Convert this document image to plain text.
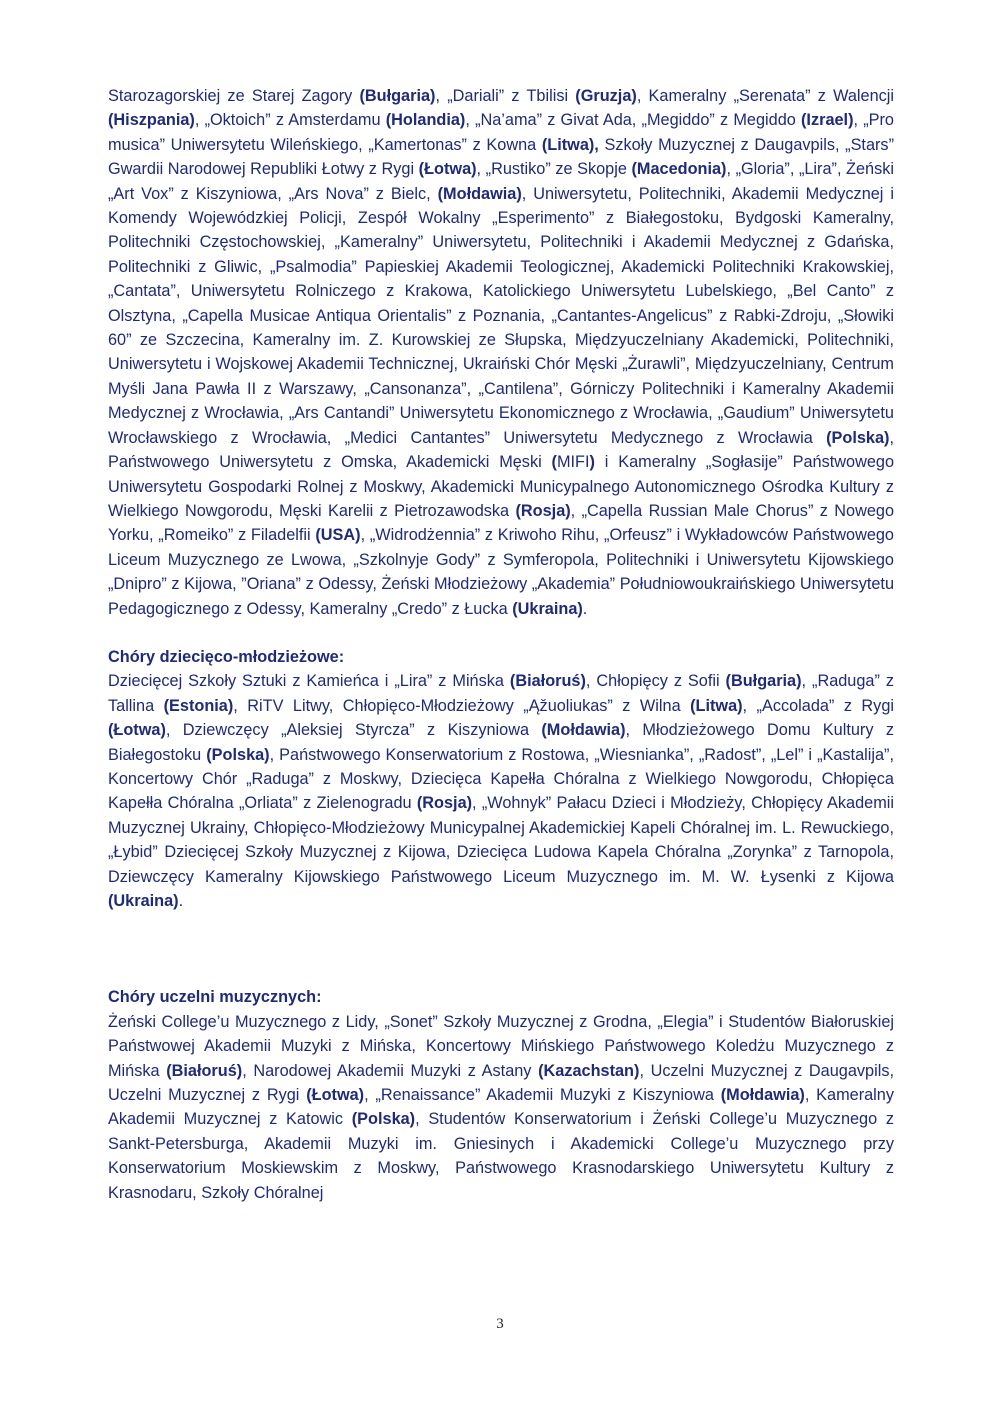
Starozagorskiej ze Starej Zagory (Bułgaria), „Dariali” z Tbilisi (Gruzja), Kameralny „Serenata” z Walencji (Hiszpania), „Oktoich” z Amsterdamu (Holandia), „Na’ama” z Givat Ada, „Megiddo” z Megiddo (Izrael), „Pro musica” Uniwersytetu Wileńskiego, „Kamertonas” z Kowna (Litwa), Szkoły Muzycznej z Daugavpils, „Stars” Gwardii Narodowej Republiki Łotwy z Rygi (Łotwa), „Rustiko” ze Skopje (Macedonia), „Gloria”, „Lira”, Żeński „Art Vox” z Kiszyniowa, „Ars Nova” z Bielc, (Mołdawia), Uniwersytetu, Politechniki, Akademii Medycznej i Komendy Wojewódzkiej Policji, Zespół Wokalny „Esperimento” z Białegostoku, Bydgoski Kameralny, Politechniki Częstochowskiej, „Kameralny” Uniwersytetu, Politechniki i Akademii Medycznej z Gdańska, Politechniki z Gliwic, „Psalmodia” Papieskiej Akademii Teologicznej, Akademicki Politechniki Krakowskiej, „Cantata”, Uniwersytetu Rolniczego z Krakowa, Katolickiego Uniwersytetu Lubelskiego, „Bel Canto” z Olsztyna, „Capella Musicae Antiqua Orientalis” z Poznania, „Cantantes-Angelicus” z Rabki-Zdroju, „Słowiki 60” ze Szczecina, Kameralny im. Z. Kurowskiej ze Słupska, Międzyuczelniany Akademicki, Politechniki, Uniwersytetu i Wojskowej Akademii Technicznej, Ukraiński Chór Męski „Żurawli”, Międzyuczelniany, Centrum Myśli Jana Pawła II z Warszawy, „Cansonanza”, „Cantilena”, Górniczy Politechniki i Kameralny Akademii Medycznej z Wrocławia, „Ars Cantandi” Uniwersytetu Ekonomicznego z Wrocławia, „Gaudium” Uniwersytetu Wrocławskiego z Wrocławia, „Medici Cantantes” Uniwersytetu Medycznego z Wrocławia (Polska), Państwowego Uniwersytetu z Omska, Akademicki Męski (MIFI) i Kameralny „Sogłasije” Państwowego Uniwersytetu Gospodarki Rolnej z Moskwy, Akademicki Municypalnego Autonomicznego Ośrodka Kultury z Wielkiego Nowgorodu, Męski Karelii z Pietrozawodska (Rosja), „Capella Russian Male Chorus” z Nowego Yorku, „Romeiko” z Filadelfii (USA), „Widrodżennia” z Kriwoho Rihu, „Orfeusz” i Wykładowców Państwowego Liceum Muzycznego ze Lwowa, „Szkolnyje Gody” z Symferopola, Politechniki i Uniwersytetu Kijowskiego „Dnipro” z Kijowa, ”Oriana” z Odessy, Żeński Młodzieżowy „Akademia” Południowoukraińskiego Uniwersytetu Pedagogicznego z Odessy, Kameralny „Credo” z Łucka (Ukraina).

Chóry dziecięco-młodzieżowe:

Dziecięcej Szkoły Sztuki z Kamieńca i „Lira” z Mińska (Białoruś), Chłopięcy z Sofii (Bułgaria), „Raduga” z Tallina (Estonia), RiTV Litwy, Chłopięco-Młodzieżowy „Ąžuoliukas” z Wilna (Litwa), „Accolada” z Rygi (Łotwa), Dziewczęcy „Aleksiej Styrcza” z Kiszyniowa (Mołdawia), Młodzieżowego Domu Kultury z Białegostoku (Polska), Państwowego Konserwatorium z Rostowa, „Wiesnianka”, „Radost”, „Lel” i „Kastalija”, Koncertowy Chór „Raduga” z Moskwy, Dziecięca Kapełła Chóralna z Wielkiego Nowgorodu, Chłopięca Kapełła Chóralna „Orliata” z Zielenogradu (Rosja), „Wohnyk” Pałacu Dzieci i Młodzieży, Chłopięcy Akademii Muzycznej Ukrainy, Chłopięco-Młodzieżowy Municypalnej Akademickiej Kapeli Chóralnej im. L. Rewuckiego, „Łybid” Dziecięcej Szkoły Muzycznej z Kijowa, Dziecięca Ludowa Kapela Chóralna „Zorynka” z Tarnopola, Dziewczęcy Kameralny Kijowskiego Państwowego Liceum Muzycznego im. M. W. Łysenki z Kijowa (Ukraina).

Chóry uczelni muzycznych:

Żeński College’u Muzycznego z Lidy, „Sonet” Szkoły Muzycznej z Grodna, „Elegia” i Studentów Białoruskiej Państwowej Akademii Muzyki z Mińska, Koncertowy Mińskiego Państwowego Koledżu Muzycznego z Mińska (Białoruś), Narodowej Akademii Muzyki z Astany (Kazachstan), Uczelni Muzycznej z Daugavpils, Uczelni Muzycznej z Rygi (Łotwa), „Renaissance” Akademii Muzyki z Kiszyniowa (Mołdawia), Kameralny Akademii Muzycznej z Katowic (Polska), Studentów Konserwatorium i Żeński College’u Muzycznego z Sankt-Petersburga, Akademii Muzyki im. Gniesinych i Akademicki College’u Muzycznego przy Konserwatorium Moskiewskim z Moskwy, Państwowego Krasnodarskiego Uniwersytetu Kultury z Krasnodaru, Szkoły Chóralnej

3
